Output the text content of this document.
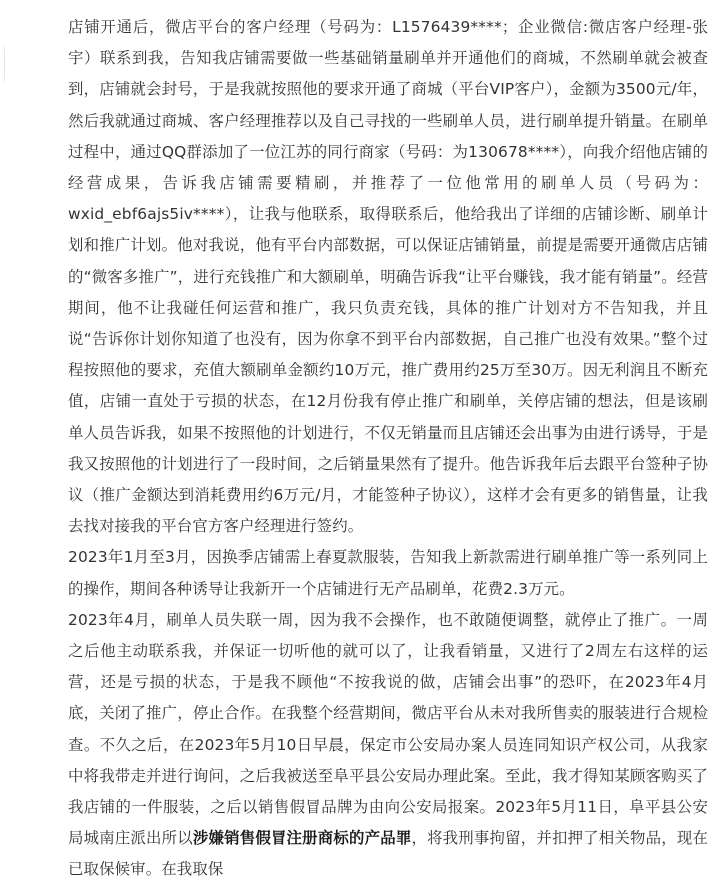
店铺开通后，微店平台的客户经理（号码为：L1576439****；企业微信:微店客户经理-张宇）联系到我，告知我店铺需要做一些基础销量刷单并开通他们的商城，不然刷单就会被查到，店铺就会封号，于是我就按照他的要求开通了商城（平台VIP客户），金额为3500元/年，然后我就通过商城、客户经理推荐以及自己寻找的一些刷单人员，进行刷单提升销量。在刷单过程中，通过QQ群添加了一位江苏的同行商家（号码：为130678****），向我介绍他店铺的经营成果，告诉我店铺需要精刷，并推荐了一位他常用的刷单人员（号码为：wxid_ebf6ajs5iv****），让我与他联系，取得联系后，他给我出了详细的店铺诊断、刷单计划和推广计划。他对我说，他有平台内部数据，可以保证店铺销量，前提是需要开通微店店铺的“微客多推广”，进行充钱推广和大额刷单，明确告诉我“让平台赚钱，我才能有销量”。经营期间，他不让我碰任何运营和推广，我只负责充钱，具体的推广计划对方不告知我，并且说“告诉你计划你知道了也没有，因为你拿不到平台内部数据，自己推广也没有效果。”整个过程按照他的要求，充值大额刷单金额约10万元，推广费用约25万至30万。因无利润且不断充值，店铺一直处于亏损的状态，在12月份我有停止推广和刷单，关停店铺的想法，但是该刷单人员告诉我，如果不按照他的计划进行，不仅无销量而且店铺还会出事为由进行诱导，于是我又按照他的计划进行了一段时间，之后销量果然有了提升。他告诉我年后去跟平台签种子协议（推广金额达到消耗费用约6万元/月，才能签种子协议），这样才会有更多的销售量，让我去找对接我的平台官方客户经理进行签约。

2023年1月至3月，因换季店铺需上春夏款服装，告知我上新款需进行刷单推广等一系列同上的操作，期间各种诱导让我新开一个店铺进行无产品刷单，花费2.3万元。

2023年4月，刷单人员失联一周，因为我不会操作，也不敢随便调整，就停止了推广。一周之后他主动联系我，并保证一切听他的就可以了，让我看销量，又进行了2周左右这样的运营，还是亏损的状态，于是我不顾他“不按我说的做，店铺会出事”的恐吓，在2023年4月底，关闭了推广，停止合作。在我整个经营期间，微店平台从未对我所售卖的服装进行合规检查。不久之后，在2023年5月10日早晨，保定市公安局办案人员连同知识产权公司，从我家中将我带走并进行询问，之后我被送至阜平县公安局办理此案。至此，我才得知某顾客购买了我店铺的一件服装，之后以销售假冒品牌为由向公安局报案。2023年5月11日，阜平县公安局城南庄派出所以涉嫌销售假冒注册商标的产品罪，将我刑事拘留，并扣押了相关物品，现在已取保候审。在我取保
